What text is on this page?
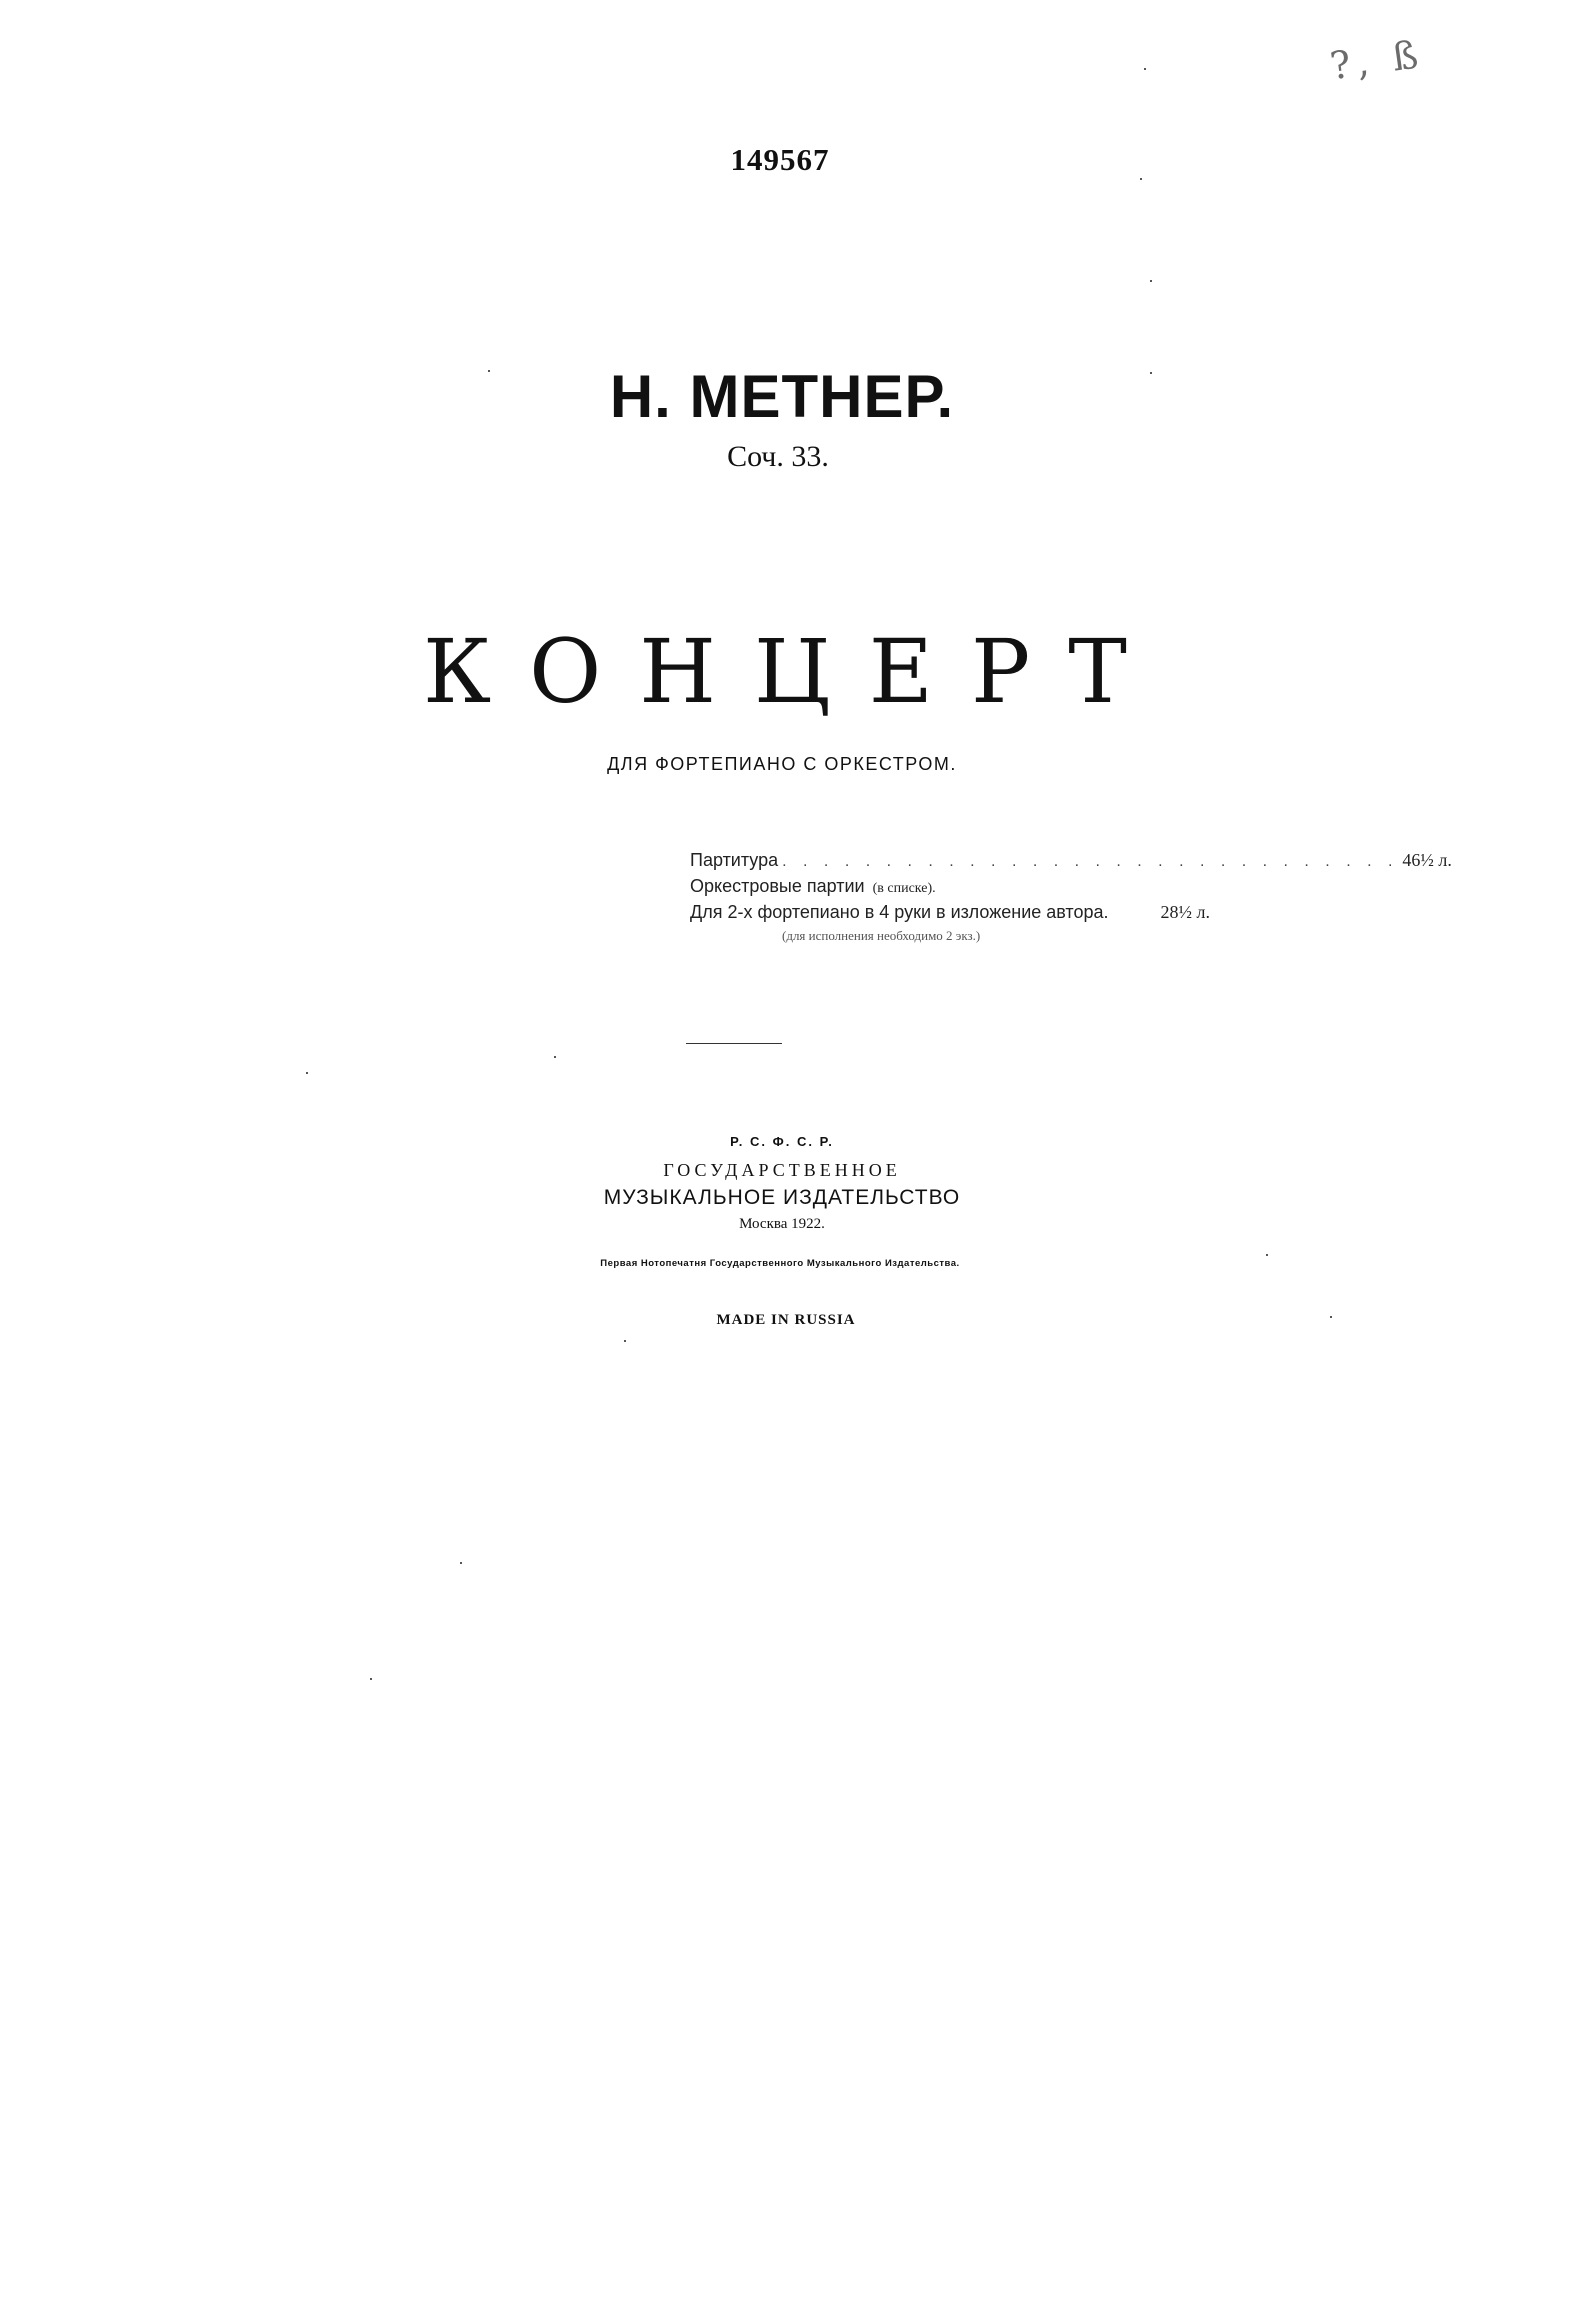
?, ß
149567
Н. МЕТНЕР.
Соч. 33.
КОНЦЕРТ
ДЛЯ ФОРТЕПИАНО С ОРКЕСТРОМ.
Партитура . . . . . . . . . . . . . . . . . . . . . . . . . . . . . . 46½ л.
Оркестровые партии (в списке).
Для 2-х фортепиано в 4 руки в изложение автора.	28½ л.
(для исполнения необходимо 2 экз.)
Р. С. Ф. С. Р.
ГОСУДАРСТВЕННОЕ
МУЗЫКАЛЬНОЕ ИЗДАТЕЛЬСТВО
Москва 1922.
Первая Нотопечатня Государственного Музыкального Издательства.
MADE IN RUSSIA
